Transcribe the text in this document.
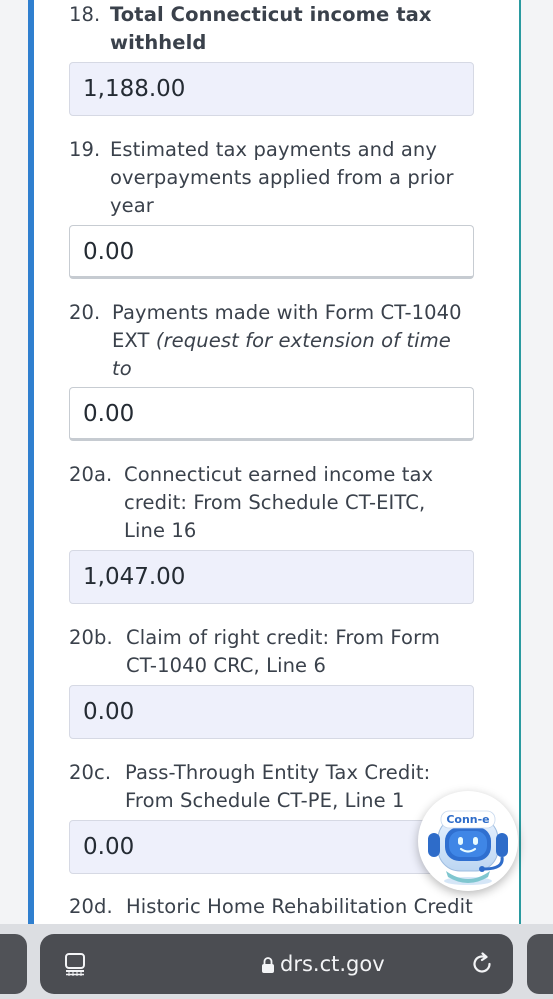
18. Total Connecticut income tax
withheld
1,188.00
19. Estimated tax payments and any
overpayments applied from a prior
year
0.00
20. Payments made with Form CT-1040
EXT (request for extension of time to
0.00
20a. Connecticut earned income tax
credit: From Schedule CT-EITC,
Line 16
1,047.00
20b. Claim of right credit: From Form
CT-1040 CRC, Line 6
0.00
20c. Pass-Through Entity Tax Credit:
From Schedule CT-PE, Line 1
0.00
20d. Historic Home Rehabilitation Credit
Conn-e
drs.ct.gov
